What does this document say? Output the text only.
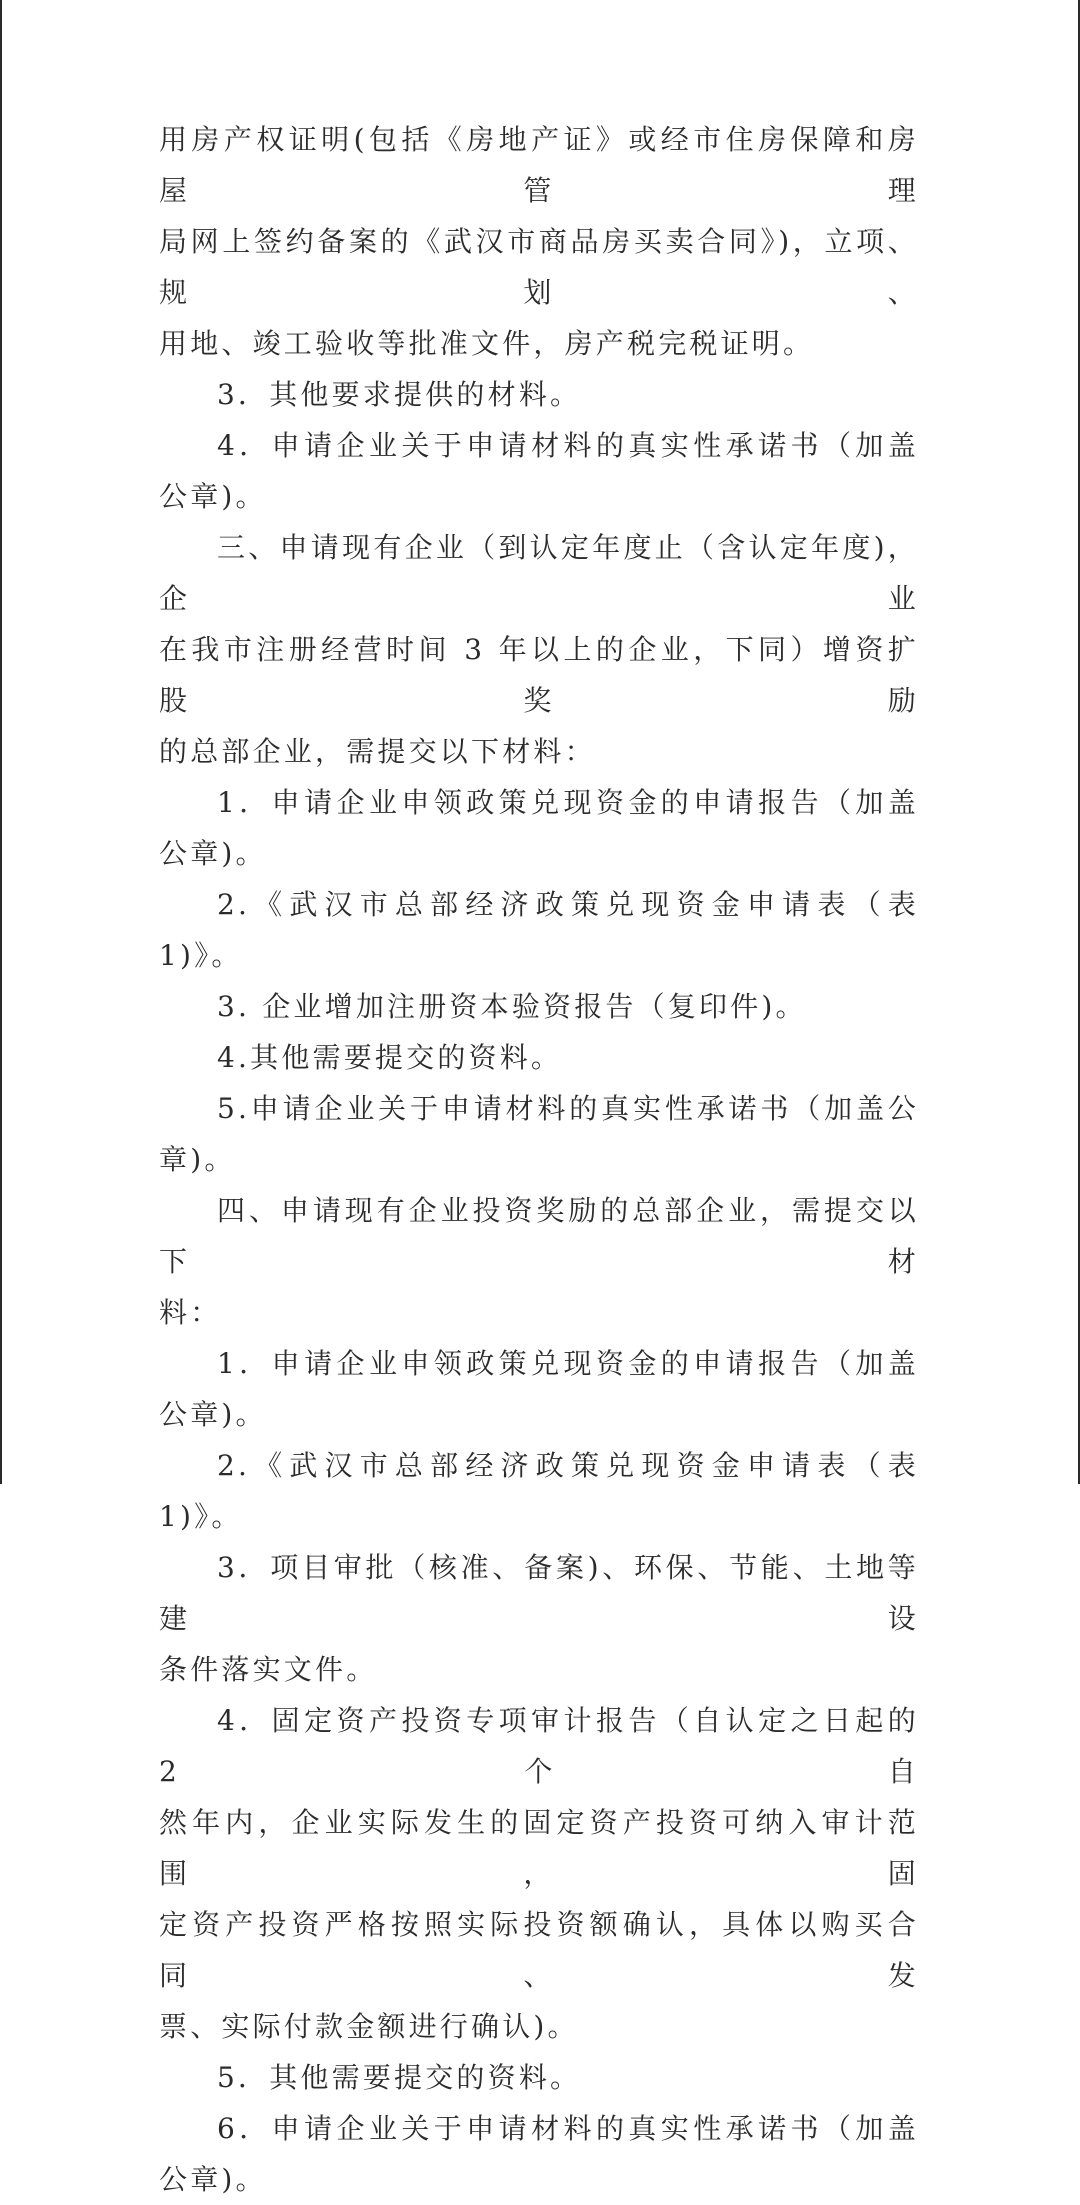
用房产权证明(包括《房地产证》或经市住房保障和房屋管理
局网上签约备案的《武汉市商品房买卖合同》)，立项、规划、
用地、竣工验收等批准文件，房产税完税证明。
3．其他要求提供的材料。
4．申请企业关于申请材料的真实性承诺书（加盖公章)。
三、申请现有企业（到认定年度止（含认定年度)，企业
在我市注册经营时间 3 年以上的企业，下同）增资扩股奖励
的总部企业，需提交以下材料：
1．申请企业申领政策兑现资金的申请报告（加盖公章)。
2.《武汉市总部经济政策兑现资金申请表（表 1)》。
3. 企业增加注册资本验资报告（复印件)。
4.其他需要提交的资料。
5.申请企业关于申请材料的真实性承诺书（加盖公章)。
四、申请现有企业投资奖励的总部企业，需提交以下材
料：
1．申请企业申领政策兑现资金的申请报告（加盖公章)。
2.《武汉市总部经济政策兑现资金申请表（表 1)》。
3．项目审批（核准、备案)、环保、节能、土地等建设
条件落实文件。
4．固定资产投资专项审计报告（自认定之日起的 2 个自
然年内，企业实际发生的固定资产投资可纳入审计范围，固
定资产投资严格按照实际投资额确认，具体以购买合同、发
票、实际付款金额进行确认)。
5．其他需要提交的资料。
6．申请企业关于申请材料的真实性承诺书（加盖公章)。
